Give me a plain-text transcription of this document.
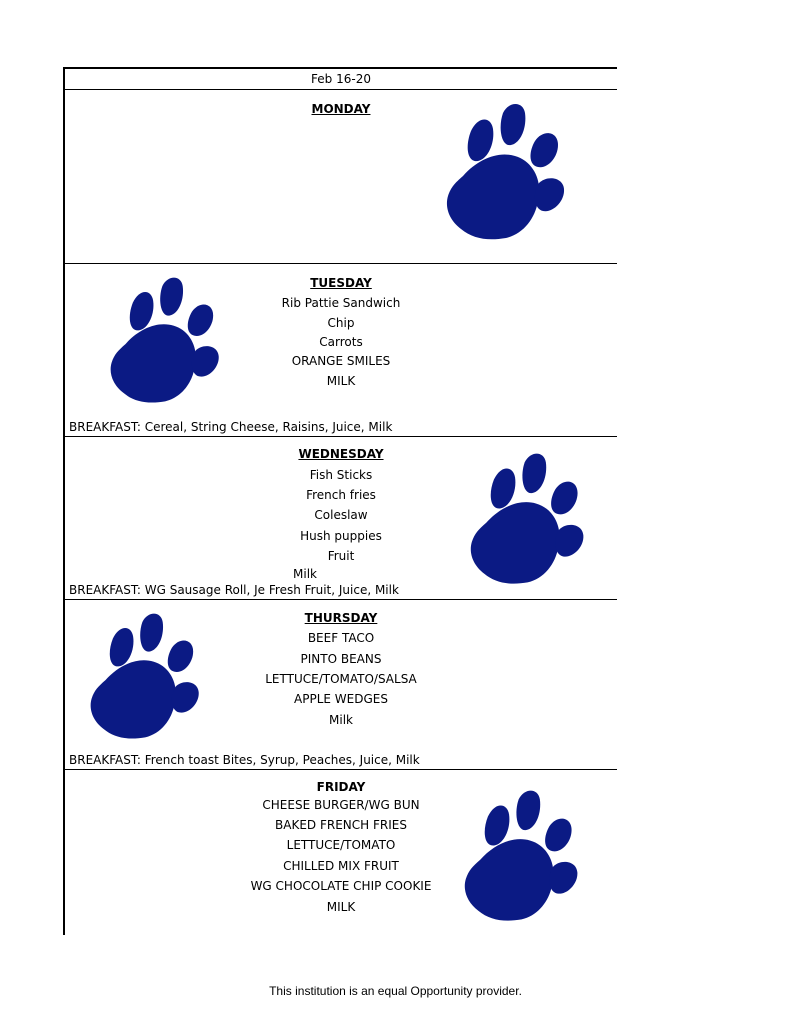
Feb 16-20
MONDAY
TUESDAY
Rib Pattie Sandwich
Chip
Carrots
ORANGE SMILES
MILK
BREAKFAST: Cereal, String Cheese, Raisins, Juice, Milk
WEDNESDAY
Fish Sticks
French fries
Coleslaw
Hush puppies
Fruit
Milk
BREAKFAST: WG Sausage Roll, Je Fresh Fruit, Juice, Milk
THURSDAY
BEEF TACO
PINTO BEANS
LETTUCE/TOMATO/SALSA
APPLE WEDGES
Milk
BREAKFAST: French toast Bites, Syrup, Peaches, Juice, Milk
FRIDAY
CHEESE BURGER/WG BUN
BAKED FRENCH FRIES
LETTUCE/TOMATO
CHILLED MIX FRUIT
WG CHOCOLATE CHIP COOKIE
MILK
This institution is an equal Opportunity provider.
